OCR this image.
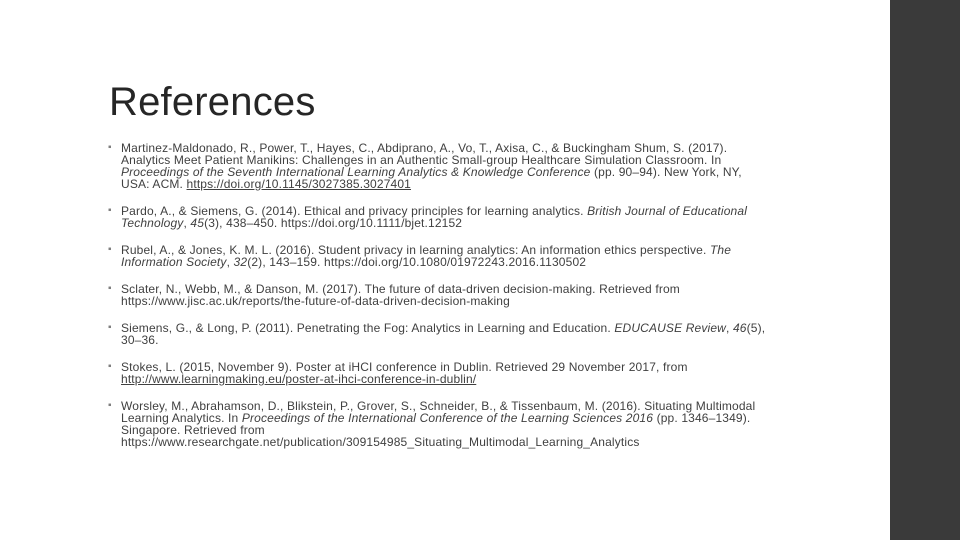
References
▪ Martinez-Maldonado, R., Power, T., Hayes, C., Abdiprano, A., Vo, T., Axisa, C., & Buckingham Shum, S. (2017). Analytics Meet Patient Manikins: Challenges in an Authentic Small-group Healthcare Simulation Classroom. In Proceedings of the Seventh International Learning Analytics & Knowledge Conference (pp. 90–94). New York, NY, USA: ACM. https://doi.org/10.1145/3027385.3027401
▪ Pardo, A., & Siemens, G. (2014). Ethical and privacy principles for learning analytics. British Journal of Educational Technology, 45(3), 438–450. https://doi.org/10.1111/bjet.12152
▪ Rubel, A., & Jones, K. M. L. (2016). Student privacy in learning analytics: An information ethics perspective. The Information Society, 32(2), 143–159. https://doi.org/10.1080/01972243.2016.1130502
▪ Sclater, N., Webb, M., & Danson, M. (2017). The future of data-driven decision-making. Retrieved from https://www.jisc.ac.uk/reports/the-future-of-data-driven-decision-making
▪ Siemens, G., & Long, P. (2011). Penetrating the Fog: Analytics in Learning and Education. EDUCAUSE Review, 46(5), 30–36.
▪ Stokes, L. (2015, November 9). Poster at iHCI conference in Dublin. Retrieved 29 November 2017, from http://www.learningmaking.eu/poster-at-ihci-conference-in-dublin/
▪ Worsley, M., Abrahamson, D., Blikstein, P., Grover, S., Schneider, B., & Tissenbaum, M. (2016). Situating Multimodal Learning Analytics. In Proceedings of the International Conference of the Learning Sciences 2016 (pp. 1346–1349). Singapore. Retrieved from https://www.researchgate.net/publication/309154985_Situating_Multimodal_Learning_Analytics
